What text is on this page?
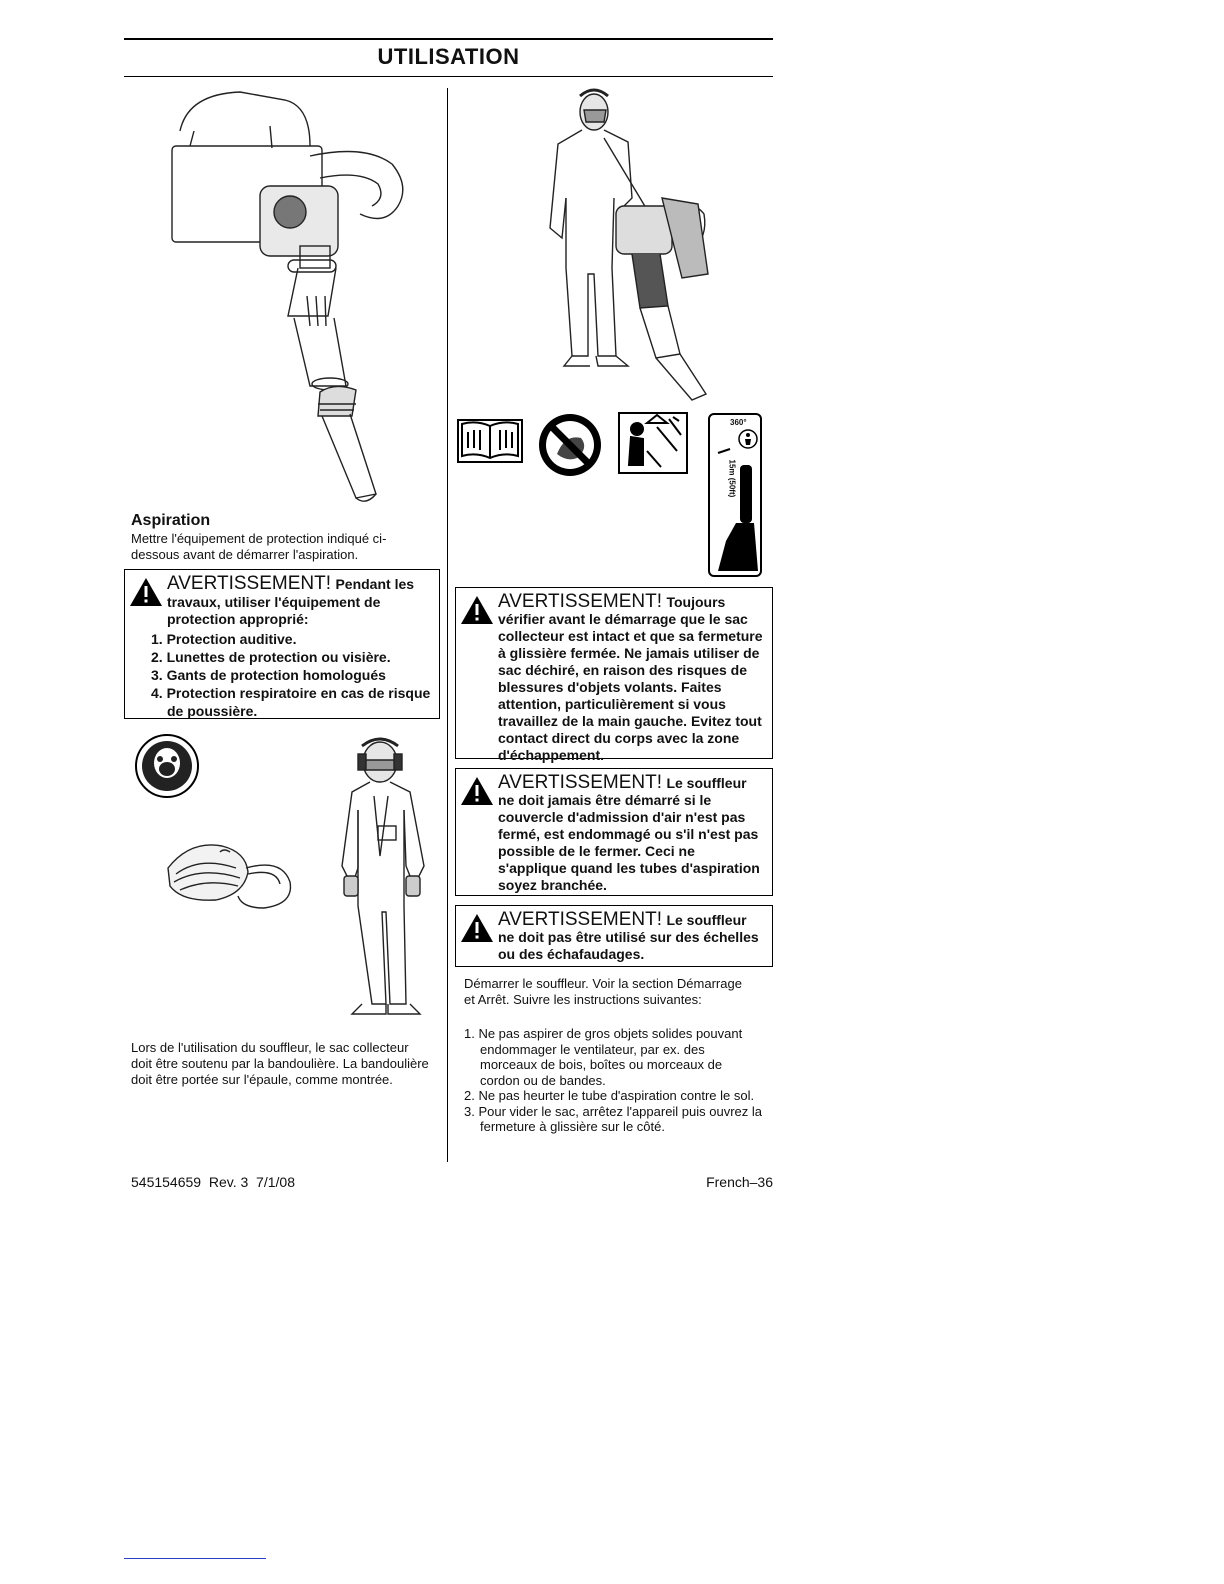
UTILISATION
Aspiration
Mettre l'équipement de protection indiqué ci-dessous avant de démarrer l'aspiration.
AVERTISSEMENT! Pendant les
travaux, utiliser l'équipement de protection approprié:
1. Protection auditive.
2. Lunettes de protection ou visière.
3. Gants de protection homologués
4. Protection respiratoire en cas de risque de poussière.
Lors de l'utilisation du souffleur, le sac collecteur doit être soutenu par la bandoulière. La bandoulière doit être portée sur l'épaule, comme montrée.
360°
15m (50ft)
AVERTISSEMENT! Toujours
vérifier avant le démarrage que le sac collecteur est intact et que sa fermeture à glissière fermée. Ne jamais utiliser de sac déchiré, en raison des risques de blessures d'objets volants. Faites attention, particulièrement si vous travaillez de la main gauche. Evitez tout contact direct du corps avec la zone d'échappement.
AVERTISSEMENT! Le souffleur
ne doit jamais être démarré si le couvercle d'admission d'air n'est pas fermé, est endommagé ou s'il n'est pas possible de le fermer. Ceci ne s'applique quand les tubes d'aspiration soyez branchée.
AVERTISSEMENT! Le souffleur
ne doit pas être utilisé sur des échelles ou des échafaudages.
Démarrer le souffleur. Voir la section Démarrage et Arrêt. Suivre les instructions suivantes:
1. Ne pas aspirer de gros objets solides pouvant endommager le ventilateur, par ex. des morceaux de bois, boîtes ou morceaux de cordon ou de bandes.
2. Ne pas heurter le tube d'aspiration contre le sol.
3. Pour vider le sac, arrêtez l'appareil puis ouvrez la fermeture à glissière sur le côté.
545154659  Rev. 3  7/1/08	French–36
